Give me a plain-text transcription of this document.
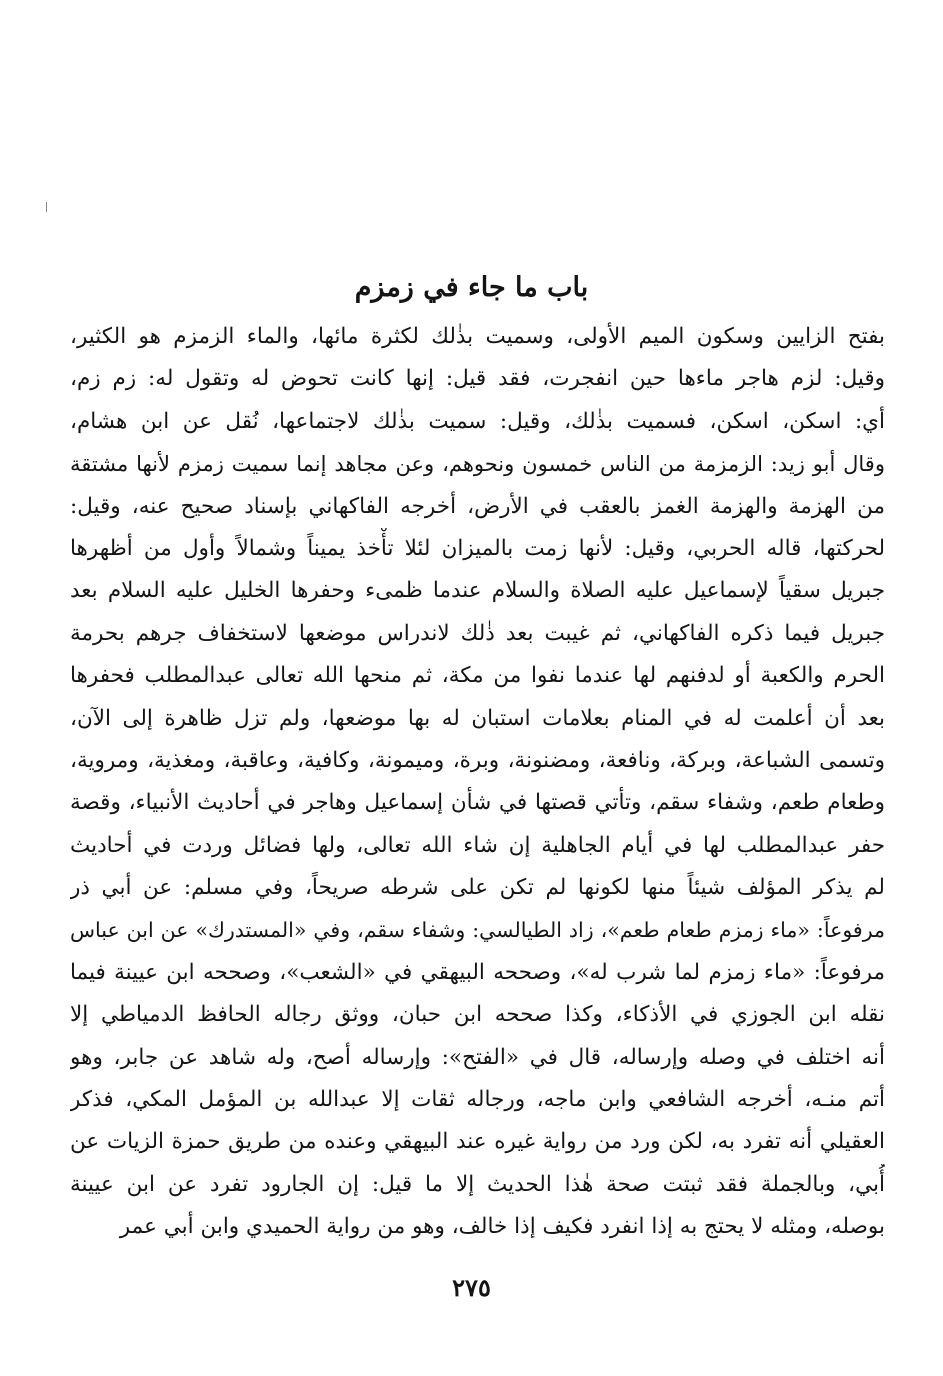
باب ما جاء في زمزم
بفتح الزايين وسكون الميم الأولى، وسميت بذٰلك لكثرة مائها، والماء الزمزم هو الكثير،
وقيل: لزم هاجر ماءها حين انفجرت، فقد قيل: إنها كانت تحوض له وتقول له: زم زم،
أي: اسكن، اسكن، فسميت بذٰلك، وقيل: سميت بذٰلك لاجتماعها، نُقل عن ابن هشام،
وقال أبو زيد: الزمزمة من الناس خمسون ونحوهم، وعن مجاهد إنما سميت زمزم لأنها مشتقة
من الهزمة والهزمة الغمز بالعقب في الأرض، أخرجه الفاكهاني بإسناد صحيح عنه، وقيل:
لحركتها، قاله الحربي، وقيل: لأنها زمت بالميزان لئلا تأْخذ يميناً وشمالاً وأول من أظهرها
جبريل سقياً لإسماعيل عليه الصلاة والسلام عندما ظمىء وحفرها الخليل عليه السلام بعد
جبريل فيما ذكره الفاكهاني، ثم غيبت بعد ذٰلك لاندراس موضعها لاستخفاف جرهم بحرمة
الحرم والكعبة أو لدفنهم لها عندما نفوا من مكة، ثم منحها الله تعالى عبدالمطلب فحفرها
بعد أن أعلمت له في المنام بعلامات استبان له بها موضعها، ولم تزل ظاهرة إلى الآن،
وتسمى الشباعة، وبركة، ونافعة، ومضنونة، وبرة، وميمونة، وكافية، وعاقبة، ومغذية، ومروية،
وطعام طعم، وشفاء سقم، وتأتي قصتها في شأن إسماعيل وهاجر في أحاديث الأنبياء، وقصة
حفر عبدالمطلب لها في أيام الجاهلية إن شاء الله تعالى، ولها فضائل وردت في أحاديث
لم يذكر المؤلف شيئاً منها لكونها لم تكن على شرطه صريحاً، وفي مسلم: عن أبي ذر
مرفوعاً: «ماء زمزم طعام طعم»، زاد الطيالسي: وشفاء سقم، وفي «المستدرك» عن ابن عباس
مرفوعاً: «ماء زمزم لما شرب له»، وصححه البيهقي في «الشعب»، وصححه ابن عيينة فيما
نقله ابن الجوزي في الأذكاء، وكذا صححه ابن حبان، ووثق رجاله الحافظ الدمياطي إلا
أنه اختلف في وصله وإرساله، قال في «الفتح»: وإرساله أصح، وله شاهد عن جابر، وهو
أتم منـه، أخرجه الشافعي وابن ماجه، ورجاله ثقات إلا عبدالله بن المؤمل المكي، فذكر
العقيلي أنه تفرد به، لكن ورد من رواية غيره عند البيهقي وعنده من طريق حمزة الزيات عن
أُبي، وبالجملة فقد ثبتت صحة هٰذا الحديث إلا ما قيل: إن الجارود تفرد عن ابن عيينة
بوصله، ومثله لا يحتج به إذا انفرد فكيف إذا خالف، وهو من رواية الحميدي وابن أبي عمر
٢٧٥
